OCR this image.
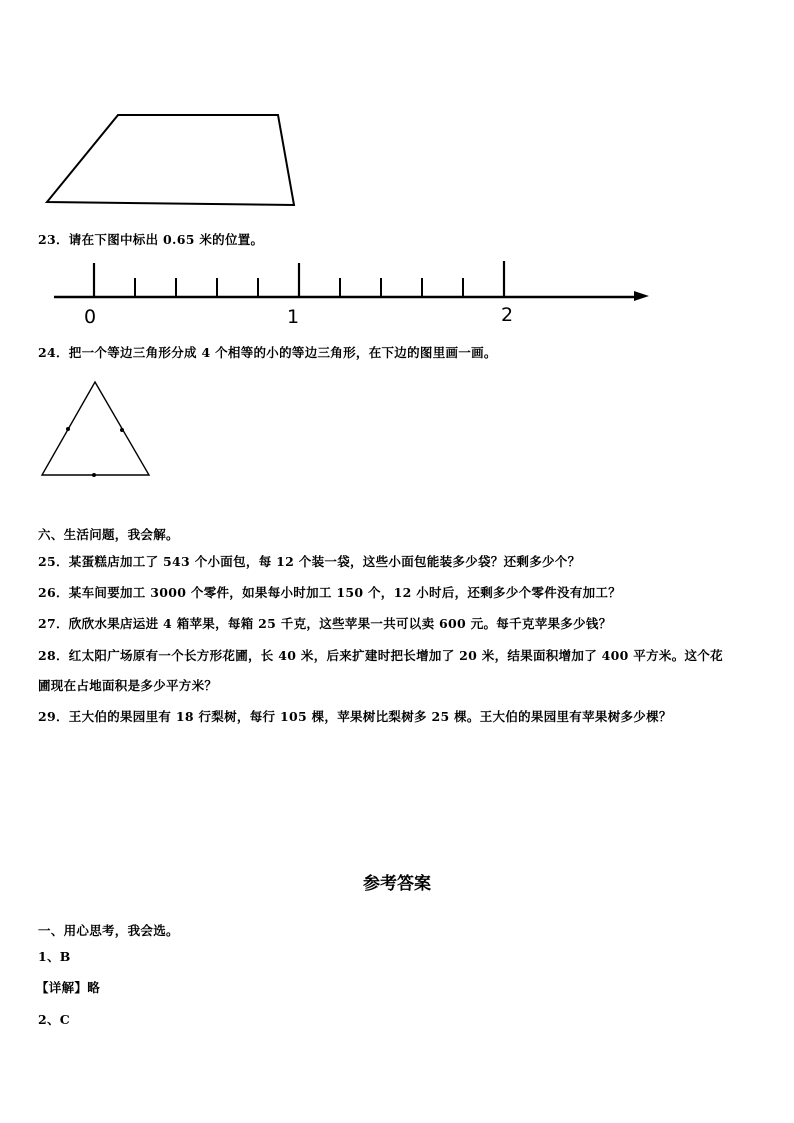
23．请在下图中标出 0.65 米的位置。
0	1	2
24．把一个等边三角形分成 4 个相等的小的等边三角形，在下边的图里画一画。
六、生活问题，我会解。
25．某蛋糕店加工了 543 个小面包，每 12 个装一袋，这些小面包能装多少袋？还剩多少个？
26．某车间要加工 3000 个零件，如果每小时加工 150 个，12 小时后，还剩多少个零件没有加工？
27．欣欣水果店运进 4 箱苹果，每箱 25 千克，这些苹果一共可以卖 600 元。每千克苹果多少钱？
28．红太阳广场原有一个长方形花圃，长 40 米，后来扩建时把长增加了 20 米，结果面积增加了 400 平方米。这个花
圃现在占地面积是多少平方米？
29．王大伯的果园里有 18 行梨树，每行 105 棵，苹果树比梨树多 25 棵。王大伯的果园里有苹果树多少棵？
参考答案
一、用心思考，我会选。
1、B
【详解】略
2、C
